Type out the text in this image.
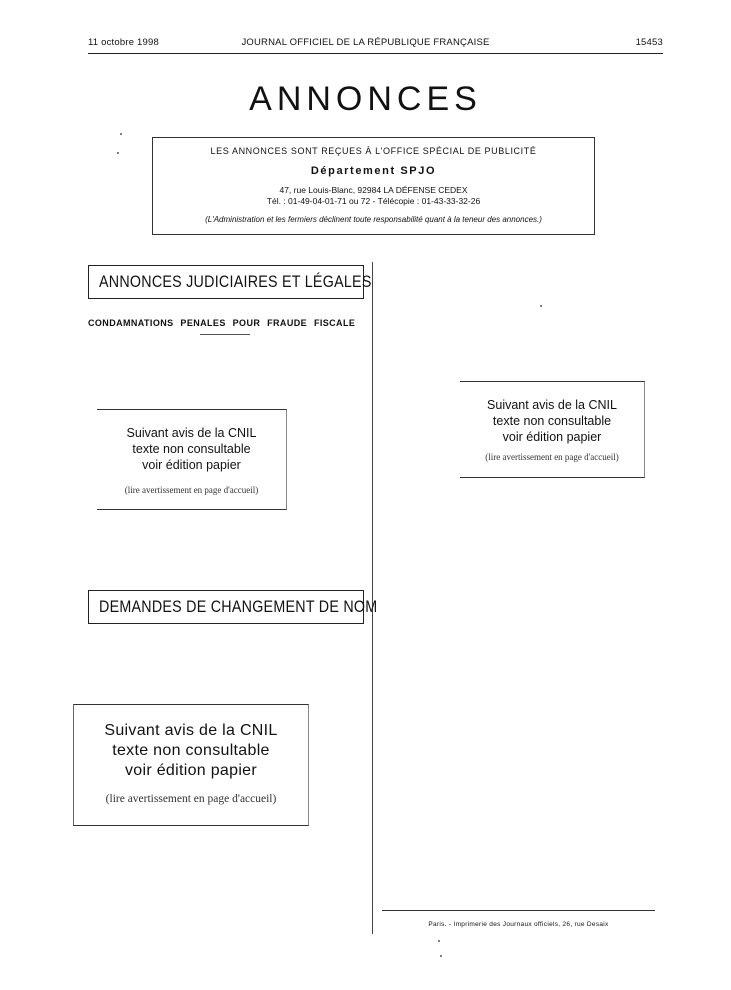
11 octobre 1998	JOURNAL OFFICIEL DE LA RÉPUBLIQUE FRANÇAISE	15453
ANNONCES
LES ANNONCES SONT REÇUES À L'OFFICE SPÉCIAL DE PUBLICITÉ
Département SPJO
47, rue Louis-Blanc, 92984 LA DÉFENSE CEDEX
Tél. : 01-49-04-01-71 ou 72 - Télécopie : 01-43-33-32-26
(L'Administration et les fermiers déclinent toute responsabilité quant à la teneur des annonces.)
ANNONCES JUDICIAIRES ET LÉGALES
CONDAMNATIONS PENALES POUR FRAUDE FISCALE
Suivant avis de la CNIL
texte non consultable
voir édition papier
(lire avertissement en page d'accueil)
Suivant avis de la CNIL
texte non consultable
voir édition papier
(lire avertissement en page d'accueil)
DEMANDES DE CHANGEMENT DE NOM
Suivant avis de la CNIL
texte non consultable
voir édition papier
(lire avertissement en page d'accueil)
Paris. - Imprimerie des Journaux officiels, 26, rue Desaix
